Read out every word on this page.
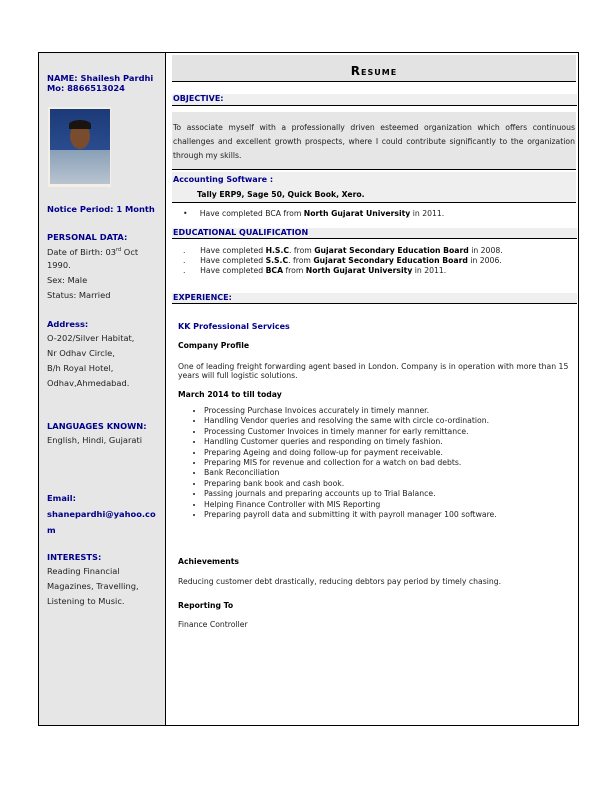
NAME: Shailesh Pardhi
Mo: 8866513024
Notice Period: 1 Month
PERSONAL DATA:
Date of Birth: 03rd Oct
1990.
Sex: Male
Status: Married
Address:
O-202/Silver Habitat,
Nr Odhav Circle,
B/h Royal Hotel,
Odhav,Ahmedabad.
LANGUAGES KNOWN:
English, Hindi, Gujarati
Email:
shanepardhi@yahoo.co
m
INTERESTS:
Reading Financial
Magazines, Travelling,
Listening to Music.
Resume
OBJECTIVE:
To associate myself with a professionally driven esteemed organization which offers continuous challenges and excellent growth prospects, where I could contribute significantly to the organization through my skills.
Accounting Software :
Tally ERP9, Sage 50, Quick Book, Xero.
•     Have completed BCA from North Gujarat University in 2011.
EDUCATIONAL QUALIFICATION
.      Have completed H.S.C. from Gujarat Secondary Education Board in 2008.
.      Have completed S.S.C. from Gujarat Secondary Education Board in 2006.
.      Have completed BCA from North Gujarat University in 2011.
EXPERIENCE:
KK Professional Services
Company Profile
One of leading freight forwarding agent based in London. Company is in operation with more than 15 years will full logistic solutions.
March 2014 to till today
• Processing Purchase Invoices accurately in timely manner.
• Handling Vendor queries and resolving the same with circle co-ordination.
• Processing Customer Invoices in timely manner for early remittance.
• Handling Customer queries and responding on timely fashion.
• Preparing Ageing and doing follow-up for payment receivable.
• Preparing MIS for revenue and collection for a watch on bad debts.
• Bank Reconciliation
• Preparing bank book and cash book.
• Passing journals and preparing accounts up to Trial Balance.
• Helping Finance Controller with MIS Reporting
• Preparing payroll data and submitting it with payroll manager 100 software.
Achievements
Reducing customer debt drastically, reducing debtors pay period by timely chasing.
Reporting To
Finance Controller
